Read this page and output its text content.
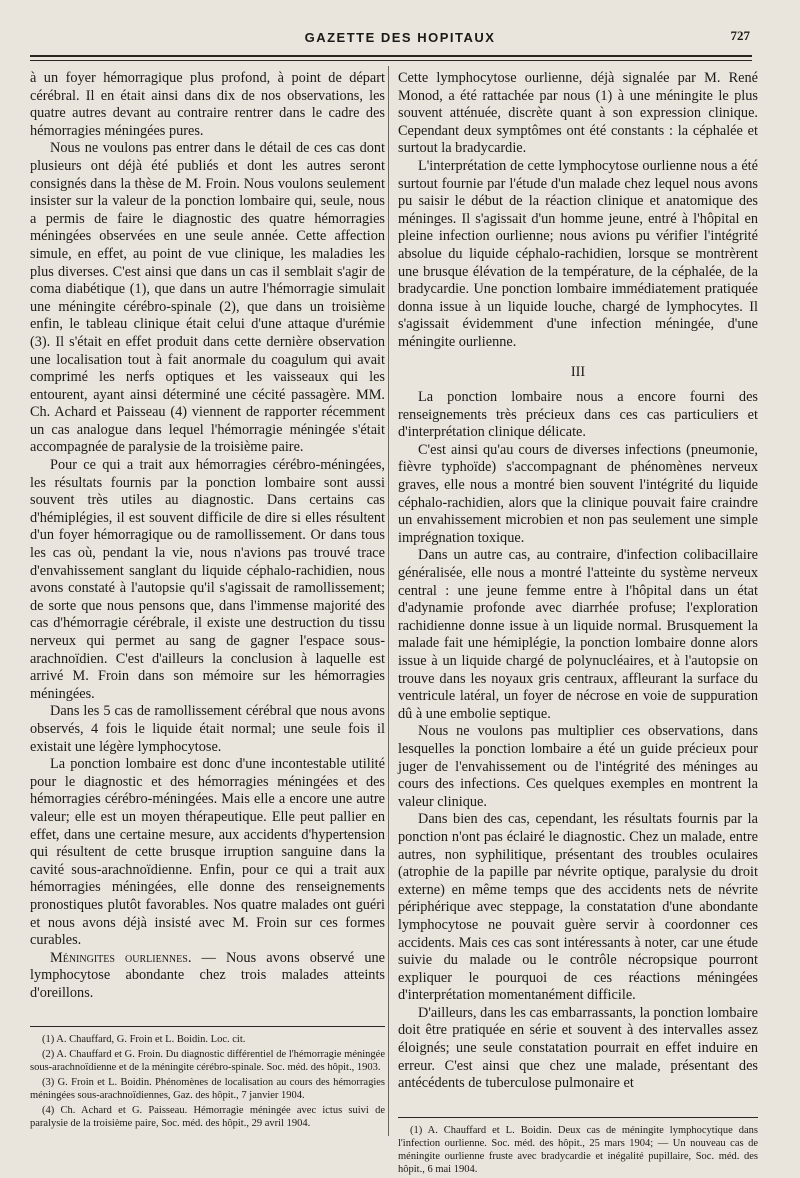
GAZETTE DES HOPITAUX	727

à un foyer hémorragique plus profond, à point de départ cérébral. Il en était ainsi dans dix de nos observations, les quatre autres devant au contraire rentrer dans le cadre des hémorragies méningées pures.

Nous ne voulons pas entrer dans le détail de ces cas dont plusieurs ont déjà été publiés et dont les autres seront consignés dans la thèse de M. Froin. Nous voulons seulement insister sur la valeur de la ponction lombaire qui, seule, nous a permis de faire le diagnostic des quatre hémorragies méningées observées en une seule année. Cette affection simule, en effet, au point de vue clinique, les maladies les plus diverses. C'est ainsi que dans un cas il semblait s'agir de coma diabétique (1), que dans un autre l'hémorragie simulait une méningite cérébro-spinale (2), que dans un troisième enfin, le tableau clinique était celui d'une attaque d'urémie (3). Il s'était en effet produit dans cette dernière observation une localisation tout à fait anormale du coagulum qui avait comprimé les nerfs optiques et les vaisseaux qui les entourent, ayant ainsi déterminé une cécité passagère. MM. Ch. Achard et Paisseau (4) viennent de rapporter récemment un cas analogue dans lequel l'hémorragie méningée s'était accompagnée de paralysie de la troisième paire.

Pour ce qui a trait aux hémorragies cérébro-méningées, les résultats fournis par la ponction lombaire sont aussi souvent très utiles au diagnostic. Dans certains cas d'hémiplégies, il est souvent difficile de dire si elles résultent d'un foyer hémorragique ou de ramollissement. Or dans tous les cas où, pendant la vie, nous n'avions pas trouvé trace d'envahissement sanglant du liquide céphalo-rachidien, nous avons constaté à l'autopsie qu'il s'agissait de ramollissement; de sorte que nous pensons que, dans l'immense majorité des cas d'hémorragie cérébrale, il existe une destruction du tissu nerveux qui permet au sang de gagner l'espace sous-arachnoïdien. C'est d'ailleurs la conclusion à laquelle est arrivé M. Froin dans son mémoire sur les hémorragies méningées.

Dans les 5 cas de ramollissement cérébral que nous avons observés, 4 fois le liquide était normal; une seule fois il existait une légère lymphocytose.

La ponction lombaire est donc d'une incontestable utilité pour le diagnostic et des hémorragies méningées et des hémorragies cérébro-méningées. Mais elle a encore une autre valeur; elle est un moyen thérapeutique. Elle peut pallier en effet, dans une certaine mesure, aux accidents d'hypertension qui résultent de cette brusque irruption sanguine dans la cavité sous-arachnoïdienne. Enfin, pour ce qui a trait aux hémorragies méningées, elle donne des renseignements pronostiques plutôt favorables. Nos quatre malades ont guéri et nous avons déjà insisté avec M. Froin sur ces formes curables.

Méningites ourliennes. — Nous avons observé une lymphocytose abondante chez trois malades atteints d'oreillons.

(1) A. Chauffard, G. Froin et L. Boidin. Loc. cit.

(2) A. Chauffard et G. Froin. Du diagnostic différentiel de l'hémorragie méningée sous-arachnoïdienne et de la méningite cérébro-spinale. Soc. méd. des hôpit., 1903.

(3) G. Froin et L. Boidin. Phénomènes de localisation au cours des hémorragies méningées sous-arachnoïdiennes, Gaz. des hôpit., 7 janvier 1904.

(4) Ch. Achard et G. Paisseau. Hémorragie méningée avec ictus suivi de paralysie de la troisième paire, Soc. méd. des hôpit., 29 avril 1904.

Cette lymphocytose ourlienne, déjà signalée par M. René Monod, a été rattachée par nous (1) à une méningite le plus souvent atténuée, discrète quant à son expression clinique. Cependant deux symptômes ont été constants : la céphalée et surtout la bradycardie.

L'interprétation de cette lymphocytose ourlienne nous a été surtout fournie par l'étude d'un malade chez lequel nous avons pu saisir le début de la réaction clinique et anatomique des méninges. Il s'agissait d'un homme jeune, entré à l'hôpital en pleine infection ourlienne; nous avions pu vérifier l'intégrité absolue du liquide céphalo-rachidien, lorsque se montrèrent une brusque élévation de la température, de la céphalée, de la bradycardie. Une ponction lombaire immédiatement pratiquée donna issue à un liquide louche, chargé de lymphocytes. Il s'agissait évidemment d'une infection méningée, d'une méningite ourlienne.

III

La ponction lombaire nous a encore fourni des renseignements très précieux dans ces cas particuliers et d'interprétation clinique délicate.

C'est ainsi qu'au cours de diverses infections (pneumonie, fièvre typhoïde) s'accompagnant de phénomènes nerveux graves, elle nous a montré bien souvent l'intégrité du liquide céphalo-rachidien, alors que la clinique pouvait faire craindre un envahissement microbien et non pas seulement une simple imprégnation toxique.

Dans un autre cas, au contraire, d'infection colibacillaire généralisée, elle nous a montré l'atteinte du système nerveux central : une jeune femme entre à l'hôpital dans un état d'adynamie profonde avec diarrhée profuse; l'exploration rachidienne donne issue à un liquide normal. Brusquement la malade fait une hémiplégie, la ponction lombaire donne alors issue à un liquide chargé de polynucléaires, et à l'autopsie on trouve dans les noyaux gris centraux, affleurant la surface du ventricule latéral, un foyer de nécrose en voie de suppuration dû à une embolie septique.

Nous ne voulons pas multiplier ces observations, dans lesquelles la ponction lombaire a été un guide précieux pour juger de l'envahissement ou de l'intégrité des méninges au cours des infections. Ces quelques exemples en montrent la valeur clinique.

Dans bien des cas, cependant, les résultats fournis par la ponction n'ont pas éclairé le diagnostic. Chez un malade, entre autres, non syphilitique, présentant des troubles oculaires (atrophie de la papille par névrite optique, paralysie du droit externe) en même temps que des accidents nets de névrite périphérique avec steppage, la constatation d'une abondante lymphocytose ne pouvait guère servir à coordonner ces accidents. Mais ces cas sont intéressants à noter, car une étude suivie du malade ou le contrôle nécropsique pourront expliquer le pourquoi de ces réactions méningées d'interprétation momentanément difficile.

D'ailleurs, dans les cas embarrassants, la ponction lombaire doit être pratiquée en série et souvent à des intervalles assez éloignés; une seule constatation pourrait en effet induire en erreur. C'est ainsi que chez une malade, présentant des antécédents de tuberculose pulmonaire et

(1) A. Chauffard et L. Boidin. Deux cas de méningite lymphocytique dans l'infection ourlienne. Soc. méd. des hôpit., 25 mars 1904; — Un nouveau cas de méningite ourlienne fruste avec bradycardie et inégalité pupillaire, Soc. méd. des hôpit., 6 mai 1904.
